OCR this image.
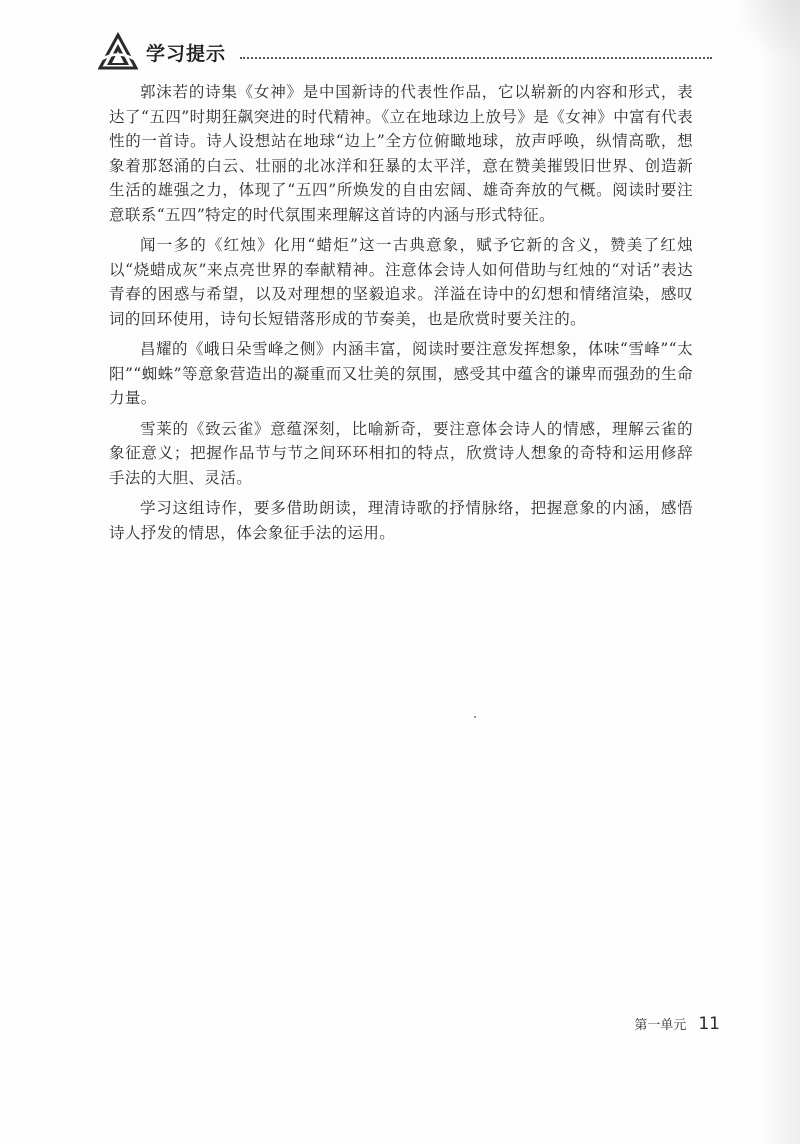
学习提示

郭沫若的诗集《女神》是中国新诗的代表性作品，它以崭新的内容和形式，表达了“五四”时期狂飙突进的时代精神。《立在地球边上放号》是《女神》中富有代表性的一首诗。诗人设想站在地球“边上”全方位俯瞰地球，放声呼唤，纵情高歌，想象着那怒涌的白云、壮丽的北冰洋和狂暴的太平洋，意在赞美摧毁旧世界、创造新生活的雄强之力，体现了“五四”所焕发的自由宏阔、雄奇奔放的气概。阅读时要注意联系“五四”特定的时代氛围来理解这首诗的内涵与形式特征。

闻一多的《红烛》化用“蜡炬”这一古典意象，赋予它新的含义，赞美了红烛以“烧蜡成灰”来点亮世界的奉献精神。注意体会诗人如何借助与红烛的“对话”表达青春的困惑与希望，以及对理想的坚毅追求。洋溢在诗中的幻想和情绪渲染，感叹词的回环使用，诗句长短错落形成的节奏美，也是欣赏时要关注的。

昌耀的《峨日朵雪峰之侧》内涵丰富，阅读时要注意发挥想象，体味“雪峰”“太阳”“蜘蛛”等意象营造出的凝重而又壮美的氛围，感受其中蕴含的谦卑而强劲的生命力量。

雪莱的《致云雀》意蕴深刻，比喻新奇，要注意体会诗人的情感，理解云雀的象征意义；把握作品节与节之间环环相扣的特点，欣赏诗人想象的奇特和运用修辞手法的大胆、灵活。

学习这组诗作，要多借助朗读，理清诗歌的抒情脉络，把握意象的内涵，感悟诗人抒发的情思，体会象征手法的运用。

第一单元 11
